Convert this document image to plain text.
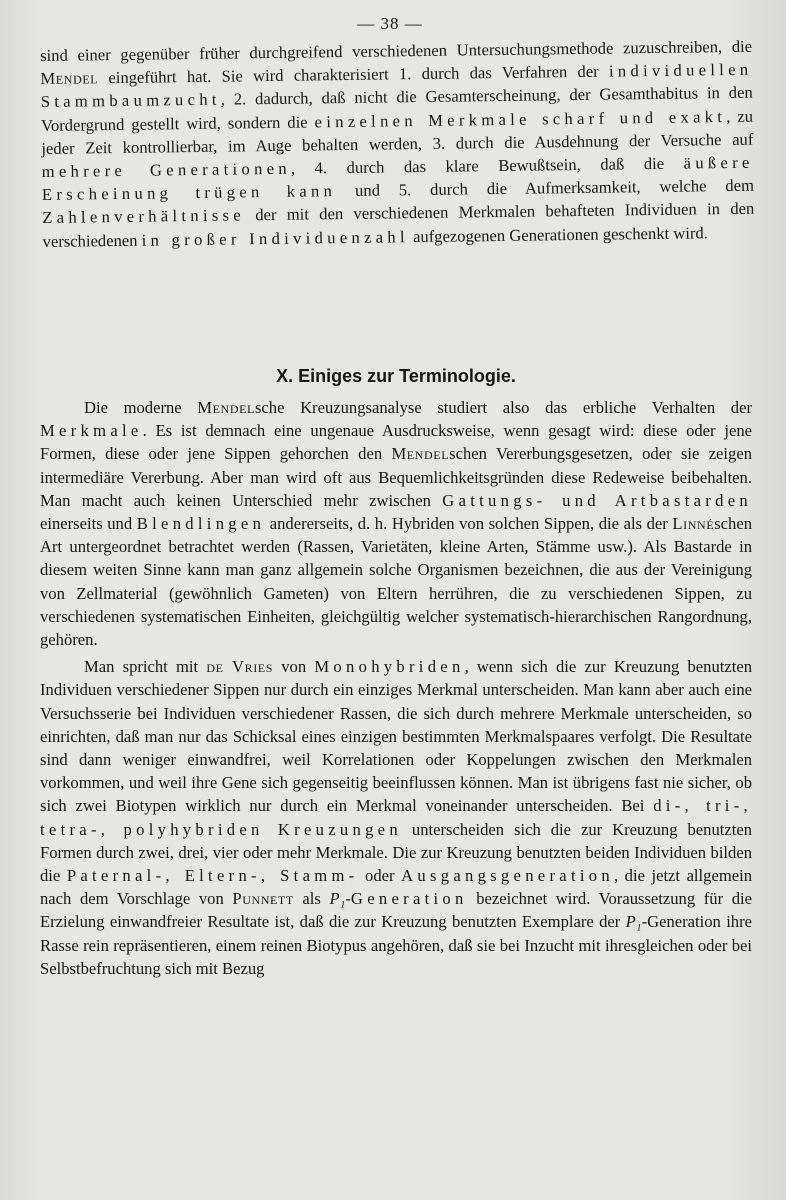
— 38 —

sind einer gegenüber früher durchgreifend verschiedenen Untersuchungsmethode zuzuschreiben, die Mendel eingeführt hat. Sie wird charakterisiert 1. durch das Verfahren der individuellen Stammbaumzucht, 2. dadurch, daß nicht die Gesamterscheinung, der Gesamthabitus in den Vordergrund gestellt wird, sondern die einzelnen Merkmale scharf und exakt, zu jeder Zeit kontrollierbar, im Auge behalten werden, 3. durch die Ausdehnung der Versuche auf mehrere Generationen, 4. durch das klare Bewußtsein, daß die äußere Erscheinung trügen kann und 5. durch die Aufmerksamkeit, welche dem Zahlenverhältnisse der mit den verschiedenen Merkmalen behafteten Individuen in den verschiedenen in großer Individuenzahl aufgezogenen Generationen geschenkt wird.

X. Einiges zur Terminologie.

Die moderne Mendelsche Kreuzungsanalyse studiert also das erbliche Verhalten der Merkmale. Es ist demnach eine ungenaue Ausdrucksweise, wenn gesagt wird: diese oder jene Formen, diese oder jene Sippen gehorchen den Mendelschen Vererbungsgesetzen, oder sie zeigen intermediäre Vererbung. Aber man wird oft aus Bequemlichkeitsgründen diese Redeweise beibehalten. Man macht auch keinen Unterschied mehr zwischen Gattungs- und Artbastarden einerseits und Blendlingen andererseits, d. h. Hybriden von solchen Sippen, die als der Linnéschen Art untergeordnet betrachtet werden (Rassen, Varietäten, kleine Arten, Stämme usw.). Als Bastarde in diesem weiten Sinne kann man ganz allgemein solche Organismen bezeichnen, die aus der Vereinigung von Zellmaterial (gewöhnlich Gameten) von Eltern herrühren, die zu verschiedenen Sippen, zu verschiedenen systematischen Einheiten, gleichgültig welcher systematisch-hierarchischen Rangordnung, gehören.

Man spricht mit de Vries von Monohybriden, wenn sich die zur Kreuzung benutzten Individuen verschiedener Sippen nur durch ein einziges Merkmal unterscheiden. Man kann aber auch eine Versuchsserie bei Individuen verschiedener Rassen, die sich durch mehrere Merkmale unterscheiden, so einrichten, daß man nur das Schicksal eines einzigen bestimmten Merkmalspaares verfolgt. Die Resultate sind dann weniger einwandfrei, weil Korrelationen oder Koppelungen zwischen den Merkmalen vorkommen, und weil ihre Gene sich gegenseitig beeinflussen können. Man ist übrigens fast nie sicher, ob sich zwei Biotypen wirklich nur durch ein Merkmal voneinander unterscheiden. Bei di-, tri-, tetra-, polyhybriden Kreuzungen unterscheiden sich die zur Kreuzung benutzten Formen durch zwei, drei, vier oder mehr Merkmale. Die zur Kreuzung benutzten beiden Individuen bilden die Paternal-, Eltern-, Stamm- oder Ausgangsgeneration, die jetzt allgemein nach dem Vorschlage von Punnett als P₁-Generation bezeichnet wird. Voraussetzung für die Erzielung einwandfreier Resultate ist, daß die zur Kreuzung benutzten Exemplare der P₁-Generation ihre Rasse rein repräsentieren, einem reinen Biotypus angehören, daß sie bei Inzucht mit ihresgleichen oder bei Selbstbefruchtung sich mit Bezug
